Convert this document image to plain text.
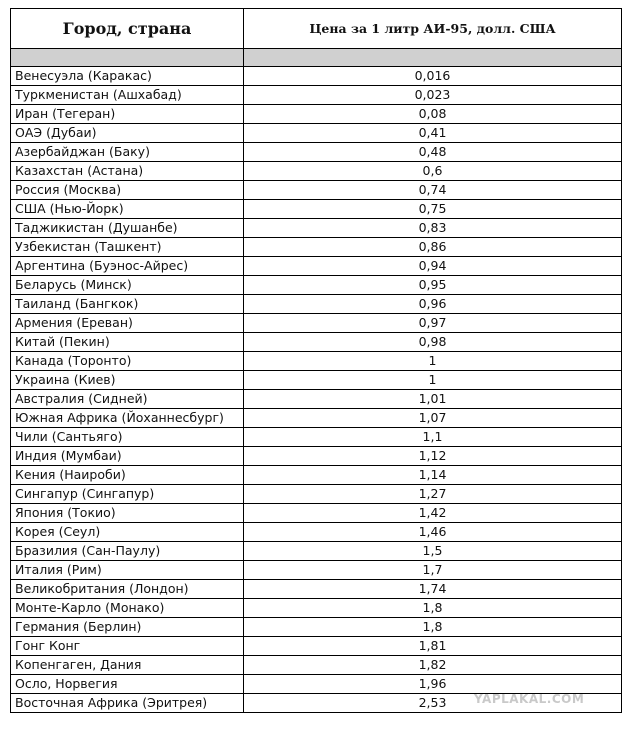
Город, страна	Цена за 1 литр АИ-95, долл. США

Венесуэла (Каракас)	0,016
Туркменистан (Ашхабад)	0,023
Иран (Тегеран)	0,08
ОАЭ (Дубаи)	0,41
Азербайджан (Баку)	0,48
Казахстан (Астана)	0,6
Россия (Москва)	0,74
США (Нью-Йорк)	0,75
Таджикистан (Душанбе)	0,83
Узбекистан (Ташкент)	0,86
Аргентина (Буэнос-Айрес)	0,94
Беларусь (Минск)	0,95
Таиланд (Бангкок)	0,96
Армения (Ереван)	0,97
Китай (Пекин)	0,98
Канада (Торонто)	1
Украина (Киев)	1
Австралия (Сидней)	1,01
Южная Африка (Йоханнесбург)	1,07
Чили (Сантьяго)	1,1
Индия (Мумбаи)	1,12
Кения (Наироби)	1,14
Сингапур (Сингапур)	1,27
Япония (Токио)	1,42
Корея (Сеул)	1,46
Бразилия (Сан-Паулу)	1,5
Италия (Рим)	1,7
Великобритания (Лондон)	1,74
Монте-Карло (Монако)	1,8
Германия (Берлин)	1,8
Гонг Конг	1,81
Копенгаген, Дания	1,82
Осло, Норвегия	1,96
Восточная Африка (Эритрея)	2,53 YAPLAKAL.COM
